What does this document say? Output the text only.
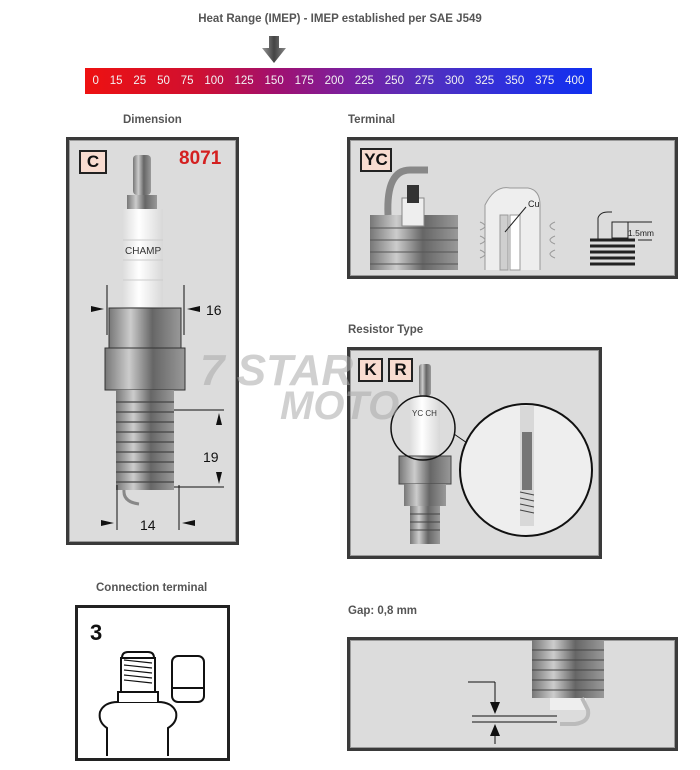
Heat Range (IMEP) - IMEP established per SAE J549
0 15 25 50 75 100 125 150 175 200 225 250 275 300 325 350 375 400
Dimension
C	8071
CHAMP
16
19
14
Terminal
YC
Cu
1.5mm
Resistor Type
K	R
YC CH
7 STAR
MOTO
Connection terminal
3
Gap: 0,8 mm
